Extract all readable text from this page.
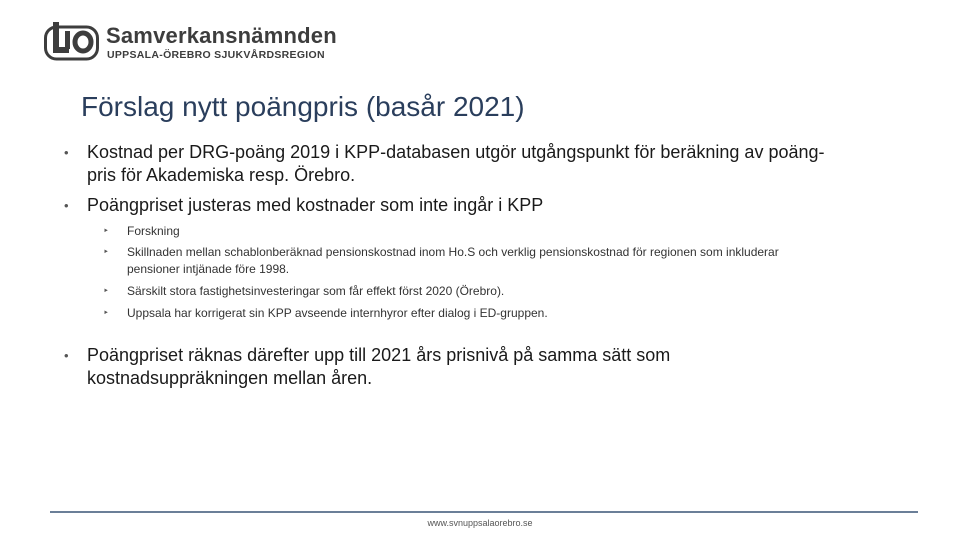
Samverkansnämnden
UPPSALA-ÖREBRO SJUKVÅRDSREGION
Förslag nytt poängpris (basår 2021)
• Kostnad per DRG-poäng 2019 i KPP-databasen utgör utgångspunkt för beräkning av poäng-pris för Akademiska resp. Örebro.
• Poängpriset justeras med kostnader som inte ingår i KPP
‣ Forskning
‣ Skillnaden mellan schablonberäknad pensionskostnad inom Ho.S och verklig pensionskostnad för regionen som inkluderar pensioner intjänade före 1998.
‣ Särskilt stora fastighetsinvesteringar som får effekt först 2020 (Örebro).
‣ Uppsala har korrigerat sin KPP avseende internhyror efter dialog i ED-gruppen.
• Poängpriset räknas därefter upp till 2021 års prisnivå på samma sätt som kostnadsuppräkningen mellan åren.
www.svnuppsalaorebro.se
